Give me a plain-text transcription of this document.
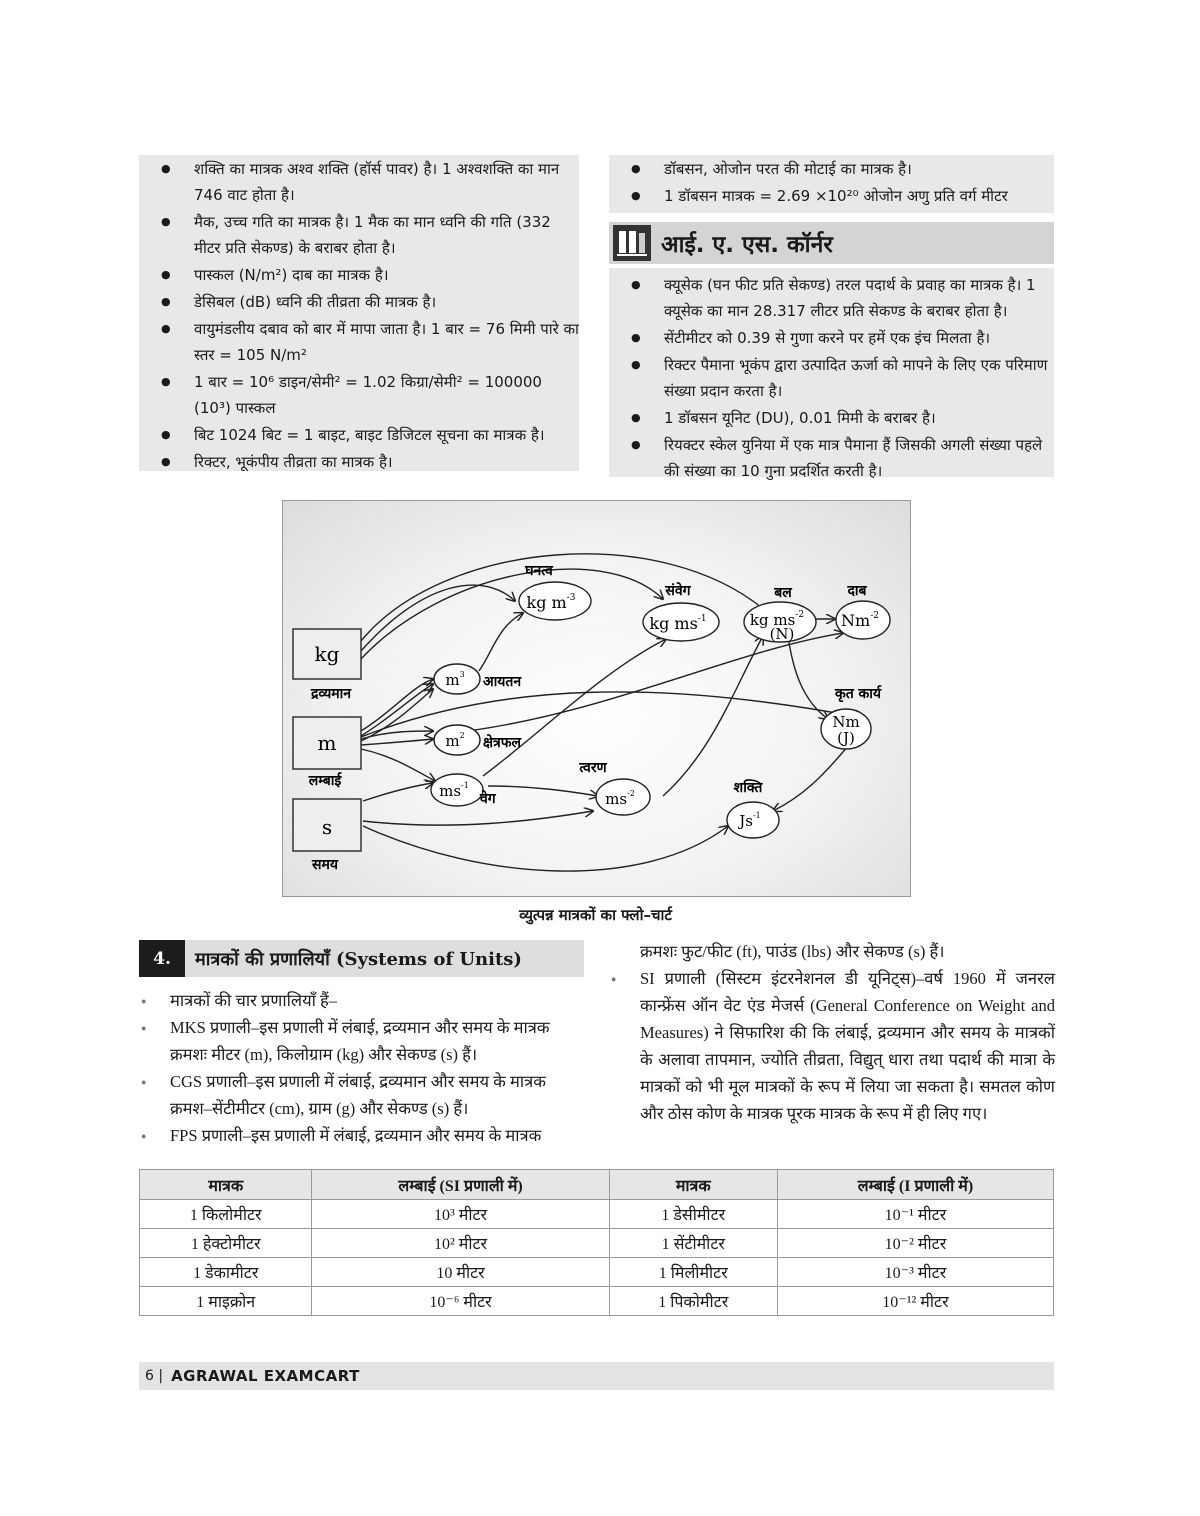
● शक्ति का मात्रक अश्व शक्ति (हॉर्स पावर) है। 1 अश्वशक्ति का मान 746 वाट होता है।
● मैक, उच्च गति का मात्रक है। 1 मैक का मान ध्वनि की गति (332 मीटर प्रति सेकण्ड) के बराबर होता है।
● पास्कल (N/m²) दाब का मात्रक है।
● डेसिबल (dB) ध्वनि की तीव्रता की मात्रक है।
● वायुमंडलीय दबाव को बार में मापा जाता है। 1 बार = 76 मिमी पारे का स्तर = 105 N/m²
● 1 बार = 10⁶ डाइन/सेमी² = 1.02 किग्रा/सेमी² = 100000 (10³) पास्कल
● बिट 1024 बिट = 1 बाइट, बाइट डिजिटल सूचना का मात्रक है।
● रिक्टर, भूकंपीय तीव्रता का मात्रक है।
● डॉबसन, ओजोन परत की मोटाई का मात्रक है।
● 1 डॉबसन मात्रक = 2.69 ×10²⁰ ओजोन अणु प्रति वर्ग मीटर
आई. ए. एस. कॉर्नर
● क्यूसेक (घन फीट प्रति सेकण्ड) तरल पदार्थ के प्रवाह का मात्रक है। 1 क्यूसेक का मान 28.317 लीटर प्रति सेकण्ड के बराबर होता है।
● सेंटीमीटर को 0.39 से गुणा करने पर हमें एक इंच मिलता है।
● रिक्टर पैमाना भूकंप द्वारा उत्पादित ऊर्जा को मापने के लिए एक परिमाण संख्या प्रदान करता है।
● 1 डॉबसन यूनिट (DU), 0.01 मिमी के बराबर है।
● रियक्टर स्केल युनिया में एक मात्र पैमाना हैं जिसकी अगली संख्या पहले की संख्या का 10 गुना प्रदर्शित करती है।
kg
द्रव्यमान
m
लम्बाई
s
समय
घनत्व
kg $m^{-3}$	संवेग
kg $ms^{-1}$
बल
kg $ms^{-2}$
(N)
दाब
$Nm^{-2}$
$m^3$ आयतन
$m^2$ क्षेत्रफल
$ms^{-1}$
वेग
त्वरण
$ms^{-2}$
कृत कार्य
Nm
(J)
शक्ति
$Js^{-1}$
व्युत्पन्न मात्रकों का फ्लो–चार्ट
4.	मात्रकों की प्रणालियाँ (Systems of Units)
● मात्रकों की चार प्रणालियाँ हैं–
● MKS प्रणाली–इस प्रणाली में लंबाई, द्रव्यमान और समय के मात्रक क्रमशः मीटर (m), किलोग्राम (kg) और सेकण्ड (s) हैं।
● CGS प्रणाली–इस प्रणाली में लंबाई, द्रव्यमान और समय के मात्रक क्रमश–सेंटीमीटर (cm), ग्राम (g) और सेकण्ड (s) हैं।
● FPS प्रणाली–इस प्रणाली में लंबाई, द्रव्यमान और समय के मात्रक
क्रमशः फुट/फीट (ft), पाउंड (lbs) और सेकण्ड (s) हैं।
● SI प्रणाली (सिस्टम इंटरनेशनल डी यूनिट्स)–वर्ष 1960 में जनरल कान्फ्रेंस ऑन वेट एंड मेजर्स (General Conference on Weight and Measures) ने सिफारिश की कि लंबाई, द्रव्यमान और समय के मात्रकों के अलावा तापमान, ज्योति तीव्रता, विद्युत् धारा तथा पदार्थ की मात्रा के मात्रकों को भी मूल मात्रकों के रूप में लिया जा सकता है। समतल कोण और ठोस कोण के मात्रक पूरक मात्रक के रूप में ही लिए गए।
मात्रक	लम्बाई (SI प्रणाली में)	मात्रक	लम्बाई (I प्रणाली में)
1 किलोमीटर	10³ मीटर	1 डेसीमीटर	10⁻¹ मीटर
1 हेक्टोमीटर	10² मीटर	1 सेंटीमीटर	10⁻² मीटर
1 डेकामीटर	10 मीटर	1 मिलीमीटर	10⁻³ मीटर
1 माइक्रोन	10⁻⁶ मीटर	1 पिकोमीटर	10⁻¹² मीटर
6 | AGRAWAL EXAMCART
